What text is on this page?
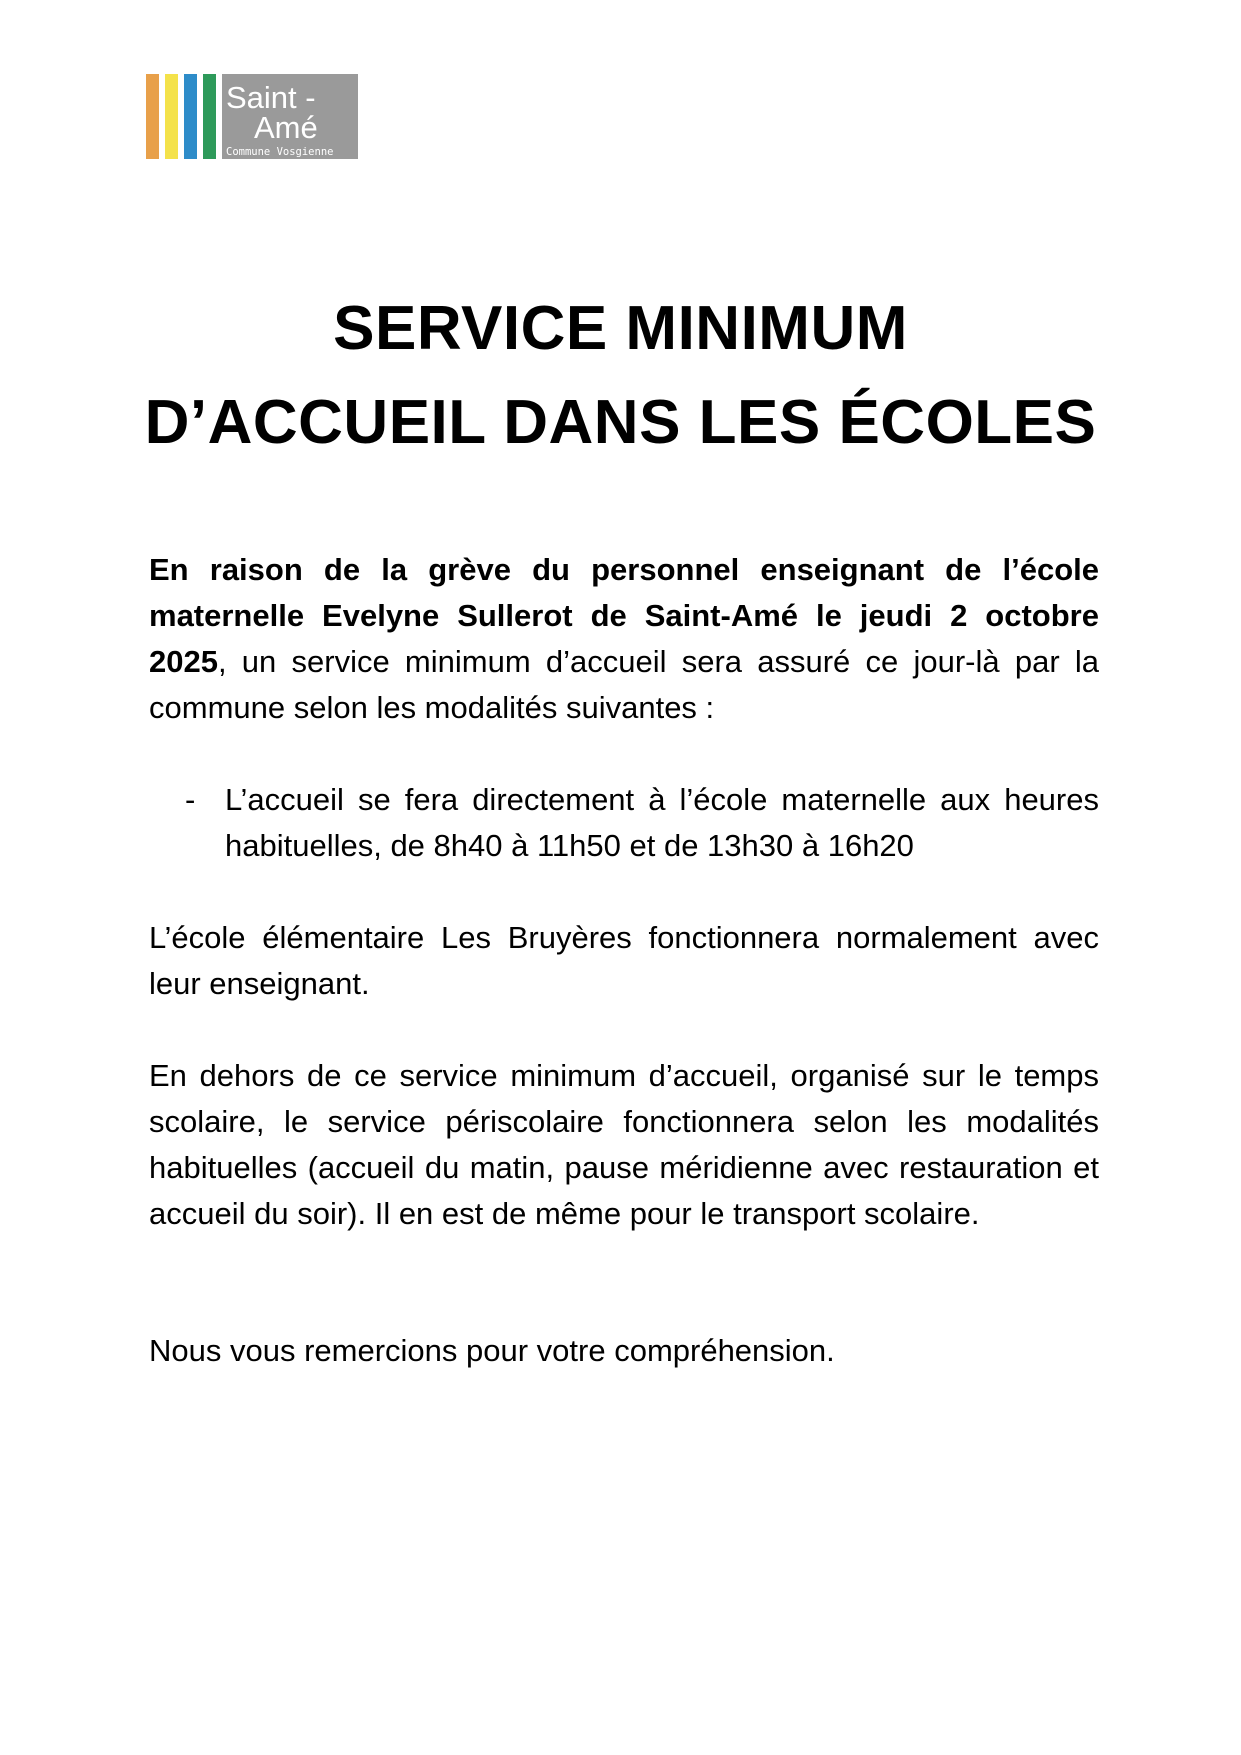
Saint -
Amé
Commune Vosgienne
SERVICE MINIMUM
D’ACCUEIL DANS LES ÉCOLES

En raison de la grève du personnel enseignant de l’école maternelle Evelyne Sullerot de Saint-Amé le jeudi 2 octobre 2025, un service minimum d’accueil sera assuré ce jour-là par la commune selon les modalités suivantes :

- L’accueil se fera directement à l’école maternelle aux heures habituelles, de 8h40 à 11h50 et de 13h30 à 16h20

L’école élémentaire Les Bruyères fonctionnera normalement avec leur enseignant.

En dehors de ce service minimum d’accueil, organisé sur le temps scolaire, le service périscolaire fonctionnera selon les modalités habituelles (accueil du matin, pause méridienne avec restauration et accueil du soir). Il en est de même pour le transport scolaire.

Nous vous remercions pour votre compréhension.
